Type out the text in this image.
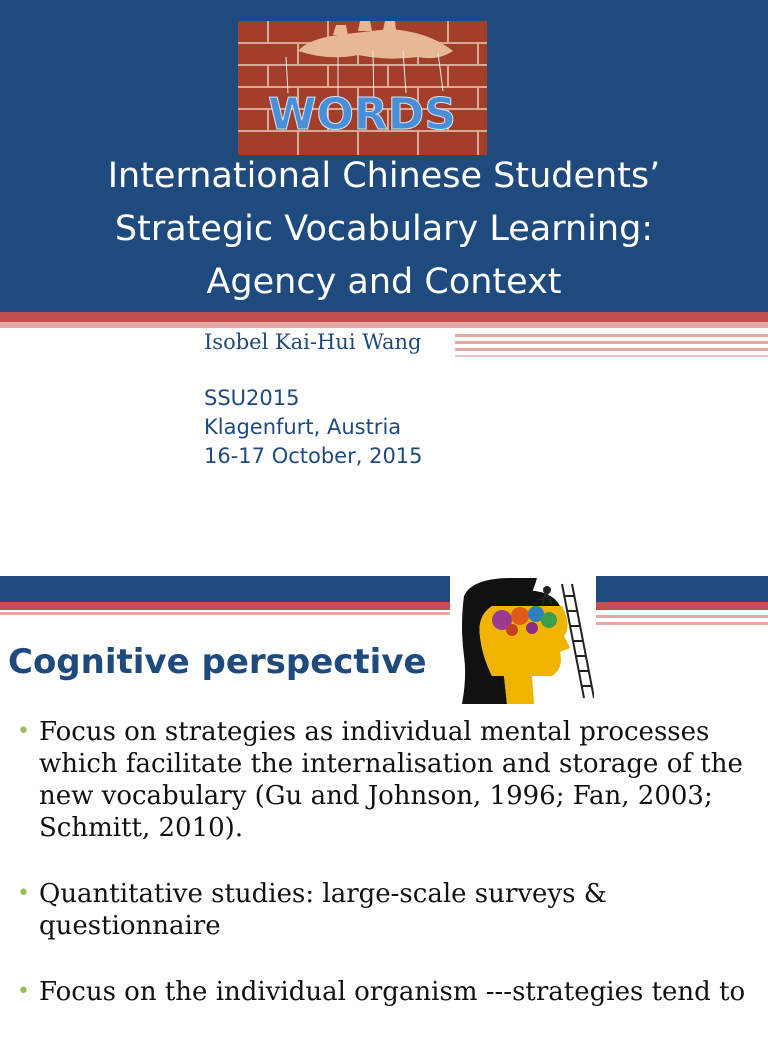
WORDS
International Chinese Students’
Strategic Vocabulary Learning:
Agency and Context
Isobel Kai-Hui Wang
SSU2015
Klagenfurt, Austria
16-17 October, 2015
Cognitive perspective
• Focus on strategies as individual mental processes which facilitate the internalisation and storage of the new vocabulary (Gu and Johnson, 1996; Fan, 2003; Schmitt, 2010).
• Quantitative studies: large-scale surveys & questionnaire
• Focus on the individual organism ---strategies tend to
